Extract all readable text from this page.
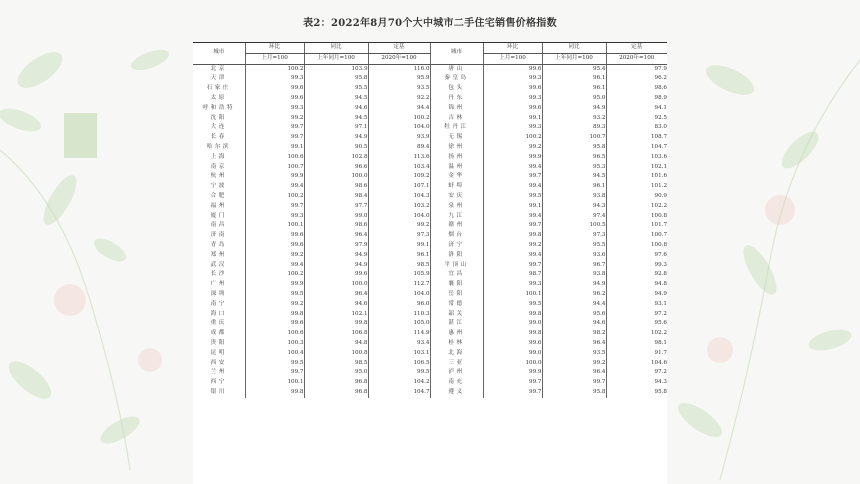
表2：2022年8月70个大中城市二手住宅销售价格指数
城市	环比	同比	定基	城市	环比	同比	定基
	上月=100	上年同月=100	2020年=100		上月=100	上年同月=100	2020年=100
北京	100.2	103.9	116.0	唐山	99.6	95.4	97.9
天津	99.3	95.8	95.9	秦皇岛	99.3	96.1	96.2
石家庄	99.6	95.5	93.5	包头	99.6	96.1	98.6
太原	99.6	94.5	92.2	丹东	99.3	95.0	98.9
呼和浩特	99.3	94.6	94.4	锦州	99.6	94.9	94.1
沈阳	99.2	94.5	100.2	吉林	99.1	93.2	92.5
大连	99.7	97.1	104.0	牡丹江	99.3	89.3	83.0
长春	99.7	94.9	93.9	无锡	100.2	100.7	108.7
哈尔滨	99.1	90.5	89.4	徐州	99.2	95.8	104.7
上海	100.6	102.8	113.6	扬州	99.9	96.5	103.6
南京	100.7	96.6	103.4	温州	99.4	95.3	102.1
杭州	99.9	100.0	109.2	金华	99.7	94.5	101.6
宁波	99.4	98.6	107.1	蚌埠	99.4	96.1	101.2
合肥	100.2	98.4	104.3	安庆	99.5	93.8	90.9
福州	99.7	97.7	103.2	泉州	99.1	94.3	102.2
厦门	99.3	99.0	104.0	九江	99.4	97.4	100.8
南昌	100.1	98.6	99.2	赣州	99.7	100.5	101.7
济南	99.6	96.4	97.3	烟台	99.8	97.3	100.7
青岛	99.6	97.9	99.1	济宁	99.2	95.5	100.8
郑州	99.2	94.9	96.1	洛阳	99.4	93.6	97.6
武汉	99.4	94.9	98.5	平顶山	99.7	96.7	99.3
长沙	100.2	99.6	105.9	宜昌	98.7	93.8	92.8
广州	99.9	100.0	112.7	襄阳	99.3	94.9	94.8
深圳	99.5	96.4	104.0	岳阳	100.1	96.2	94.9
南宁	99.2	94.6	96.0	常德	99.5	94.4	93.1
海口	99.8	102.1	110.3	韶关	99.8	95.6	97.2
重庆	99.6	99.8	105.0	湛江	99.0	94.6	95.6
成都	100.6	106.8	114.9	惠州	99.8	98.2	102.2
贵阳	100.3	94.8	93.4	桂林	99.6	96.4	98.1
昆明	100.4	100.8	103.1	北海	99.0	93.5	91.7
西安	99.5	98.5	106.5	三亚	100.0	99.2	104.6
兰州	99.7	95.0	99.5	泸州	99.9	96.4	97.2
西宁	100.1	96.8	104.2	南充	99.7	99.7	94.3
银川	99.8	96.8	104.7	遵义	99.7	95.8	95.8
